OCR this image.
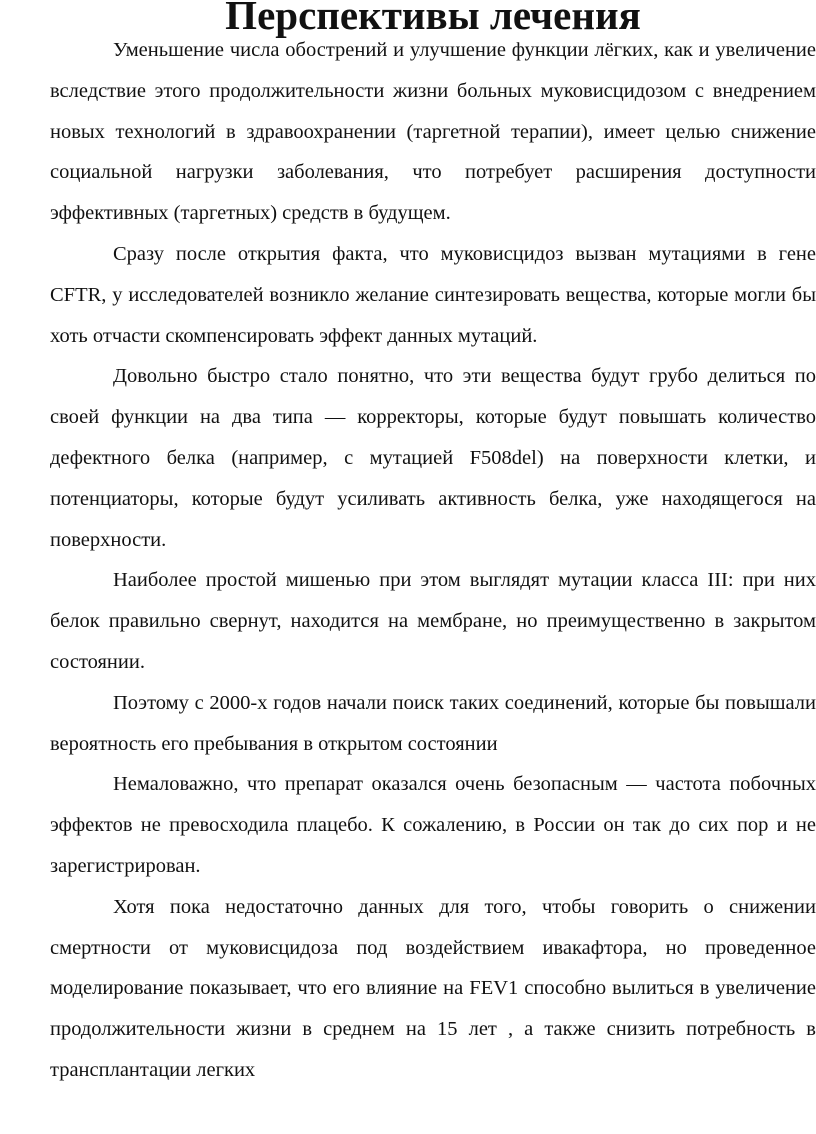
Перспективы лечения

Уменьшение числа обострений и улучшение функции лёгких, как и увеличение вследствие этого продолжительности жизни больных муковисцидозом с внедрением новых технологий в здравоохранении (таргетной терапии), имеет целью снижение социальной нагрузки заболевания, что потребует расширения доступности эффективных (таргетных) средств в будущем.

Сразу после открытия факта, что муковисцидоз вызван мутациями в гене CFTR, у исследователей возникло желание синтезировать вещества, которые могли бы хоть отчасти скомпенсировать эффект данных мутаций.

Довольно быстро стало понятно, что эти вещества будут грубо делиться по своей функции на два типа — корректоры, которые будут повышать количество дефектного белка (например, с мутацией F508del) на поверхности клетки, и потенциаторы, которые будут усиливать активность белка, уже находящегося на поверхности.

Наиболее простой мишенью при этом выглядят мутации класса III: при них белок правильно свернут, находится на мембране, но преимущественно в закрытом состоянии.

Поэтому с 2000-х годов начали поиск таких соединений, которые бы повышали вероятность его пребывания в открытом состоянии

Немаловажно, что препарат оказался очень безопасным — частота побочных эффектов не превосходила плацебо. К сожалению, в России он так до сих пор и не зарегистрирован.

Хотя пока недостаточно данных для того, чтобы говорить о снижении смертности от муковисцидоза под воздействием ивакафтора, но проведенное моделирование показывает, что его влияние на FEV1 способно вылиться в увеличение продолжительности жизни в среднем на 15 лет , а также снизить потребность в трансплантации легких
